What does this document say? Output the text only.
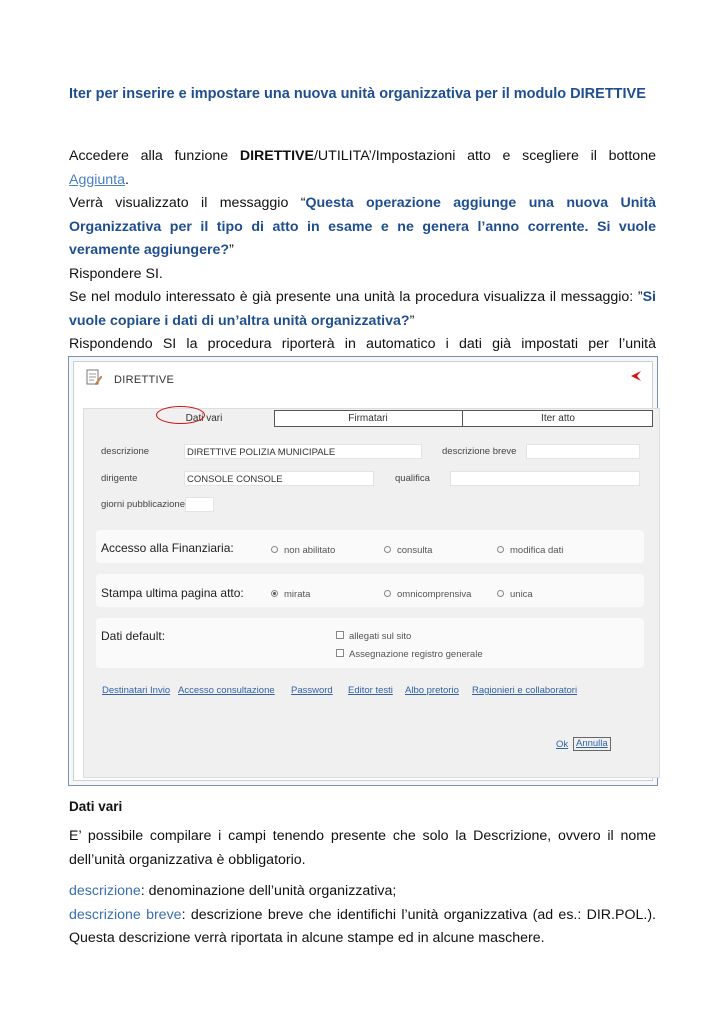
Iter per inserire e impostare una nuova unità organizzativa per il modulo DIRETTIVE

Accedere alla funzione DIRETTIVE/UTILITA’/Impostazioni atto e scegliere il bottone Aggiunta.

Verrà visualizzato il messaggio “Questa operazione aggiunge una nuova Unità Organizzativa per il tipo di atto in esame e ne genera l’anno corrente. Si vuole veramente aggiungere?”

Rispondere SI.

Se nel modulo interessato è già presente una unità la procedura visualizza il messaggio: ”Si vuole copiare i dati di un’altra unità organizzativa?”

Rispondendo SI la procedura riporterà in automatico i dati già impostati per l’unità

DIRETTIVE
Dati vari	Firmatari	Iter atto
descrizione	DIRETTIVE POLIZIA MUNICIPALE	descrizione breve
dirigente	CONSOLE CONSOLE	qualifica
giorni pubblicazione
Accesso alla Finanziaria:	non abilitato	consulta	modifica dati
Stampa ultima pagina atto:	mirata	omnicomprensiva	unica
Dati default:	allegati sul sito
Assegnazione registro generale
Destinatari Invio Accesso consultazione Password Editor testi Albo pretorio Ragionieri e collaboratori
Ok Annulla
Dati vari

E’ possibile compilare i campi tenendo presente che solo la Descrizione, ovvero il nome dell’unità organizzativa è obbligatorio.

descrizione: denominazione dell’unità organizzativa;

descrizione breve: descrizione breve che identifichi l’unità organizzativa (ad es.: DIR.POL.). Questa descrizione verrà riportata in alcune stampe ed in alcune maschere.
